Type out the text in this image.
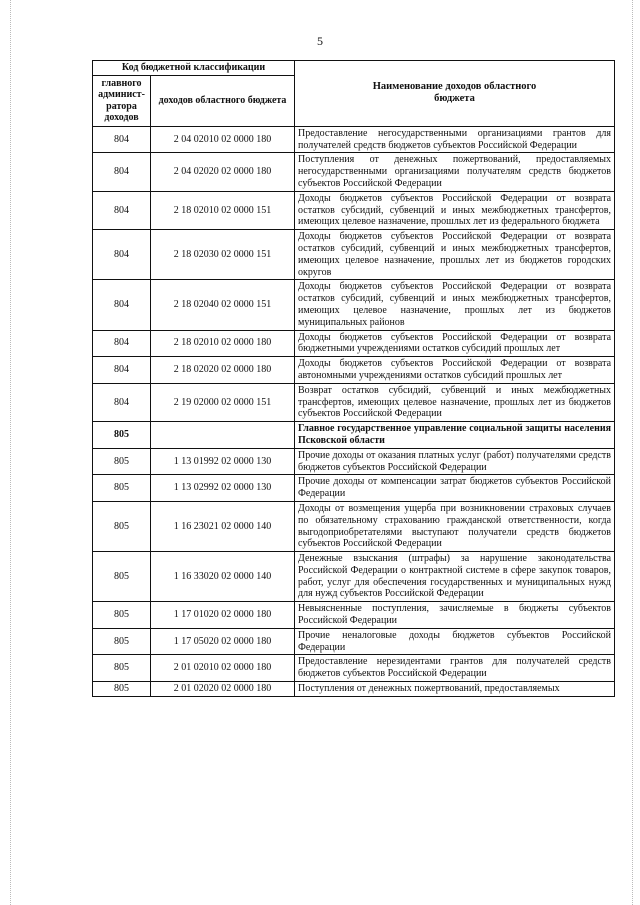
5
Код бюджетной классификации		Наименование доходов областного бюджета
главного админист-ратора доходов	доходов областного бюджета	
804	2 04 02010 02 0000 180	Предоставление негосударственными организациями грантов для получателей средств бюджетов субъектов Российской Федерации
804	2 04 02020 02 0000 180	Поступления от денежных пожертвований, предоставляемых негосударственными организациями получателям средств бюджетов субъектов Российской Федерации
804	2 18 02010 02 0000 151	Доходы бюджетов субъектов Российской Федерации от возврата остатков субсидий, субвенций и иных межбюджетных трансфертов, имеющих целевое назначение, прошлых лет из федерального бюджета
804	2 18 02030 02 0000 151	Доходы бюджетов субъектов Российской Федерации от возврата остатков субсидий, субвенций и иных межбюджетных трансфертов, имеющих целевое назначение, прошлых лет из бюджетов городских округов
804	2 18 02040 02 0000 151	Доходы бюджетов субъектов Российской Федерации от возврата остатков субсидий, субвенций и иных межбюджетных трансфертов, имеющих целевое назначение, прошлых лет из бюджетов муниципальных районов
804	2 18 02010 02 0000 180	Доходы бюджетов субъектов Российской Федерации от возврата бюджетными учреждениями остатков субсидий прошлых лет
804	2 18 02020 02 0000 180	Доходы бюджетов субъектов Российской Федерации от возврата автономными учреждениями остатков субсидий прошлых лет
804	2 19 02000 02 0000 151	Возврат остатков субсидий, субвенций и иных межбюджетных трансфертов, имеющих целевое назначение, прошлых лет из бюджетов субъектов Российской Федерации
805		Главное государственное управление социальной защиты населения Псковской области
805	1 13 01992 02 0000 130	Прочие доходы от оказания платных услуг (работ) получателями средств бюджетов субъектов Российской Федерации
805	1 13 02992 02 0000 130	Прочие доходы от компенсации затрат бюджетов субъектов Российской Федерации
805	1 16 23021 02 0000 140	Доходы от возмещения ущерба при возникновении страховых случаев по обязательному страхованию гражданской ответственности, когда выгодоприобретателями выступают получатели средств бюджетов субъектов Российской Федерации
805	1 16 33020 02 0000 140	Денежные взыскания (штрафы) за нарушение законодательства Российской Федерации о контрактной системе в сфере закупок товаров, работ, услуг для обеспечения государственных и муниципальных нужд для нужд субъектов Российской Федерации
805	1 17 01020 02 0000 180	Невыясненные поступления, зачисляемые в бюджеты субъектов Российской Федерации
805	1 17 05020 02 0000 180	Прочие неналоговые доходы бюджетов субъектов Российской Федерации
805	2 01 02010 02 0000 180	Предоставление нерезидентами грантов для получателей средств бюджетов субъектов Российской Федерации
805	2 01 02020 02 0000 180	Поступления от денежных пожертвований, предоставляемых
